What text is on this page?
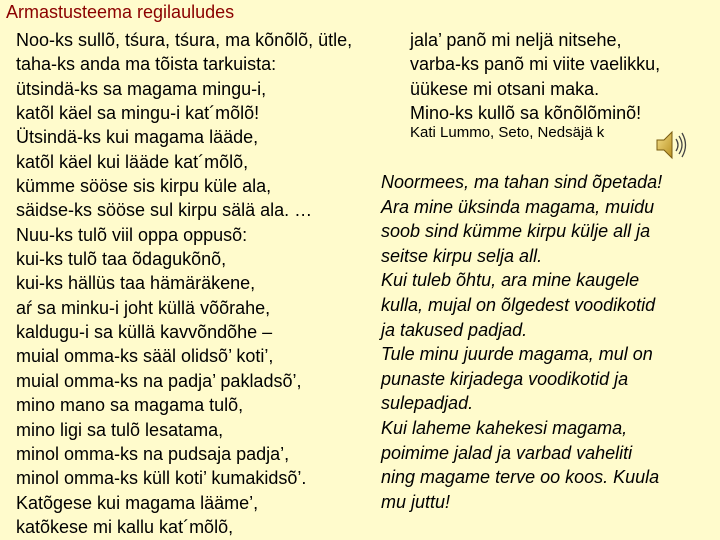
Armastusteema regilauludes
Noo-ks sullõ, tśura, tśura, ma kõnõlõ, ütle,
taha-ks anda ma tõista tarkuista:
ütsindä-ks sa magama mingu-i,
katõl käel sa mingu-i kat´mõlõ!
Ütsindä-ks kui magama lääde,
katõl käel kui lääde kat´mõlõ,
kümme sööse sis kirpu küle ala,
säidse-ks sööse sul kirpu sälä ala. …
Nuu-ks tulõ viil oppa oppusõ:
kui-ks tulõ taa õdagukõnõ,
kui-ks hällüs taa hämäräkene,
aŕ sa minku-i joht küllä võõrahe,
kaldugu-i sa küllä kavvõndõhe –
muial omma-ks sääl olidsõ’ koti’,
muial omma-ks na padja’ pakladsõ’,
mino mano sa magama tulõ,
mino ligi sa tulõ lesatama,
minol omma-ks na pudsaja padja’,
minol omma-ks küll koti’ kumakidsõ’.
Katõgese kui magama lääme’,
katõkese mi kallu kat´mõlõ,
jala’ panõ mi neljä nitsehe,
varba-ks panõ mi viite vaelikku,
üükese mi otsani maka.
Mino-ks kullõ sa kõnõlõminõ!
Kati Lummo, Seto, Nedsäjä k
Noormees, ma tahan sind õpetada!
Ara mine üksinda magama, muidu
soob sind kümme kirpu külje all ja
seitse kirpu selja all.
Kui tuleb õhtu, ara mine kaugele
kulla, mujal on õlgedest voodikotid
ja takused padjad.
Tule minu juurde magama, mul on
punaste kirjadega voodikotid ja
sulepadjad.
Kui laheme kahekesi magama,
poimime jalad ja varbad vaheliti
ning magame terve oo koos. Kuula
mu juttu!
